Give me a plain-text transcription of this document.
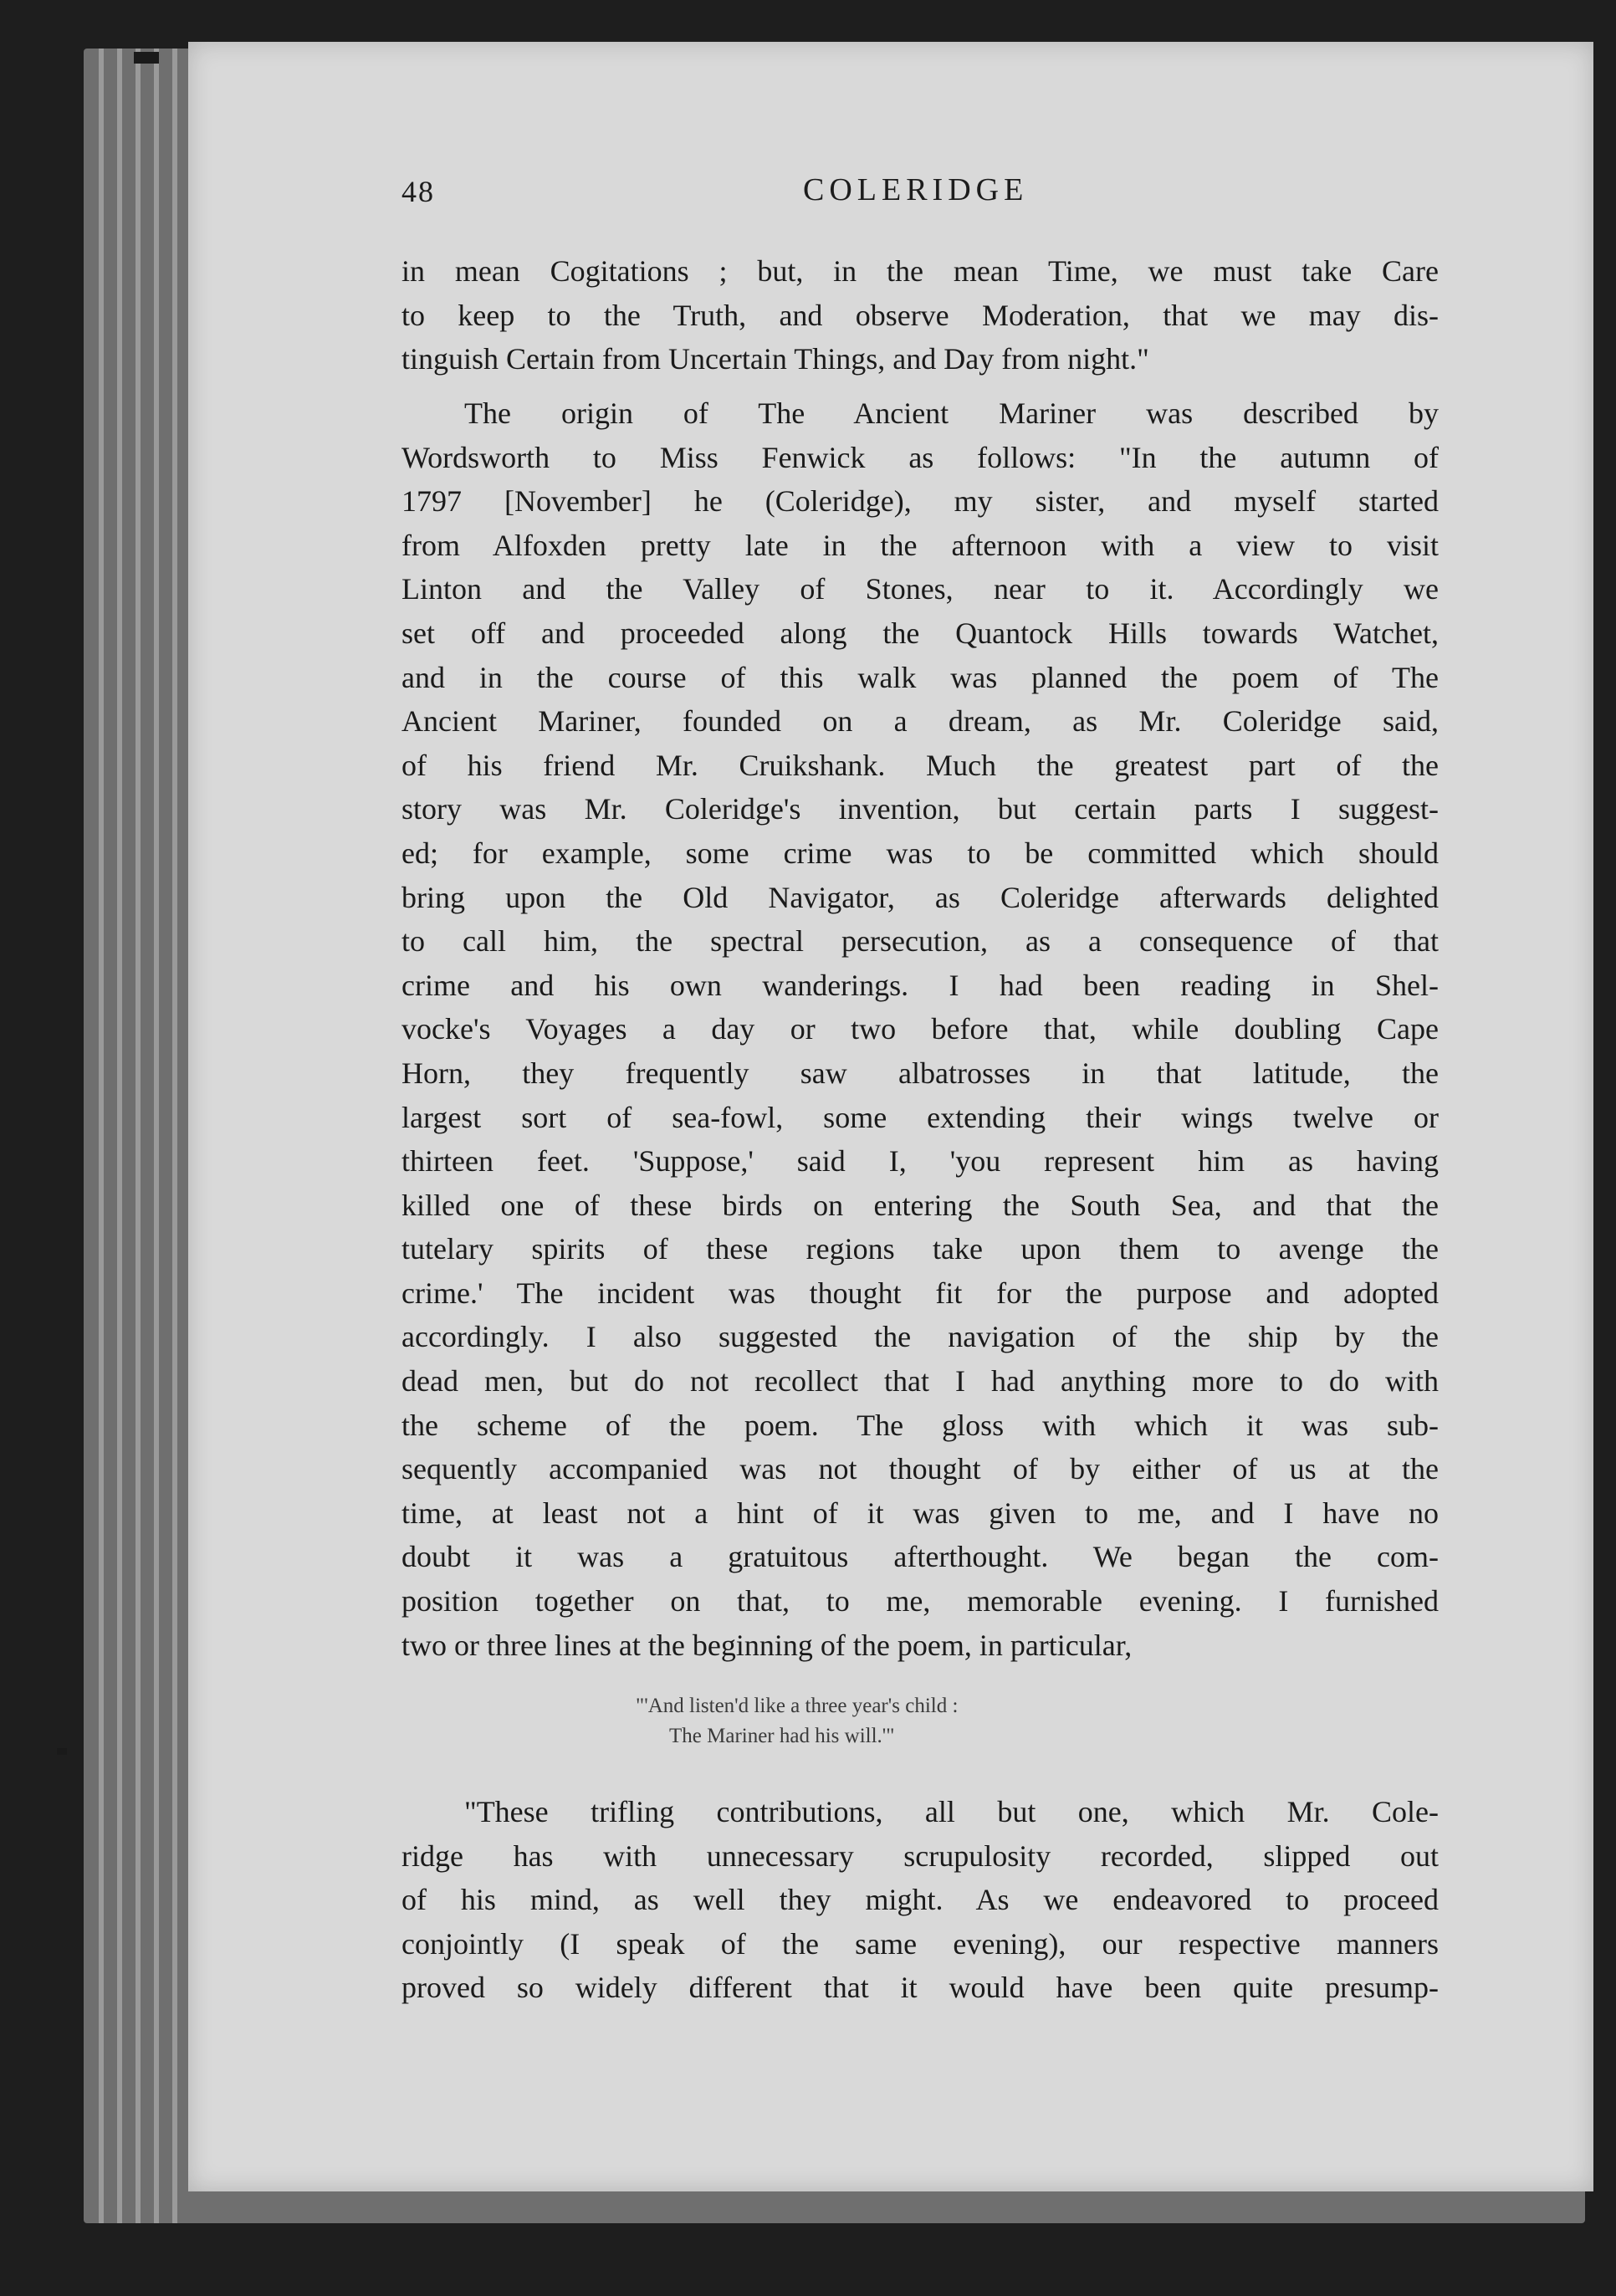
48	COLERIDGE
in mean Cogitations ; but, in the mean Time, we must take Care
to keep to the Truth, and observe Moderation, that we may dis-
tinguish Certain from Uncertain Things, and Day from night."
The origin of The Ancient Mariner was described by
Wordsworth to Miss Fenwick as follows: "In the autumn of
1797 [November] he (Coleridge), my sister, and myself started
from Alfoxden pretty late in the afternoon with a view to visit
Linton and the Valley of Stones, near to it. Accordingly we
set off and proceeded along the Quantock Hills towards Watchet,
and in the course of this walk was planned the poem of The
Ancient Mariner, founded on a dream, as Mr. Coleridge said,
of his friend Mr. Cruikshank. Much the greatest part of the
story was Mr. Coleridge's invention, but certain parts I suggest-
ed; for example, some crime was to be committed which should
bring upon the Old Navigator, as Coleridge afterwards delighted
to call him, the spectral persecution, as a consequence of that
crime and his own wanderings. I had been reading in Shel-
vocke's Voyages a day or two before that, while doubling Cape
Horn, they frequently saw albatrosses in that latitude, the
largest sort of sea-fowl, some extending their wings twelve or
thirteen feet. 'Suppose,' said I, 'you represent him as having
killed one of these birds on entering the South Sea, and that the
tutelary spirits of these regions take upon them to avenge the
crime.' The incident was thought fit for the purpose and adopted
accordingly. I also suggested the navigation of the ship by the
dead men, but do not recollect that I had anything more to do with
the scheme of the poem. The gloss with which it was sub-
sequently accompanied was not thought of by either of us at the
time, at least not a hint of it was given to me, and I have no
doubt it was a gratuitous afterthought. We began the com-
position together on that, to me, memorable evening. I furnished
two or three lines at the beginning of the poem, in particular,
"'And listen'd like a three year's child :
The Mariner had his will.'"
"These trifling contributions, all but one, which Mr. Cole-
ridge has with unnecessary scrupulosity recorded, slipped out
of his mind, as well they might. As we endeavored to proceed
conjointly (I speak of the same evening), our respective manners
proved so widely different that it would have been quite presump-
